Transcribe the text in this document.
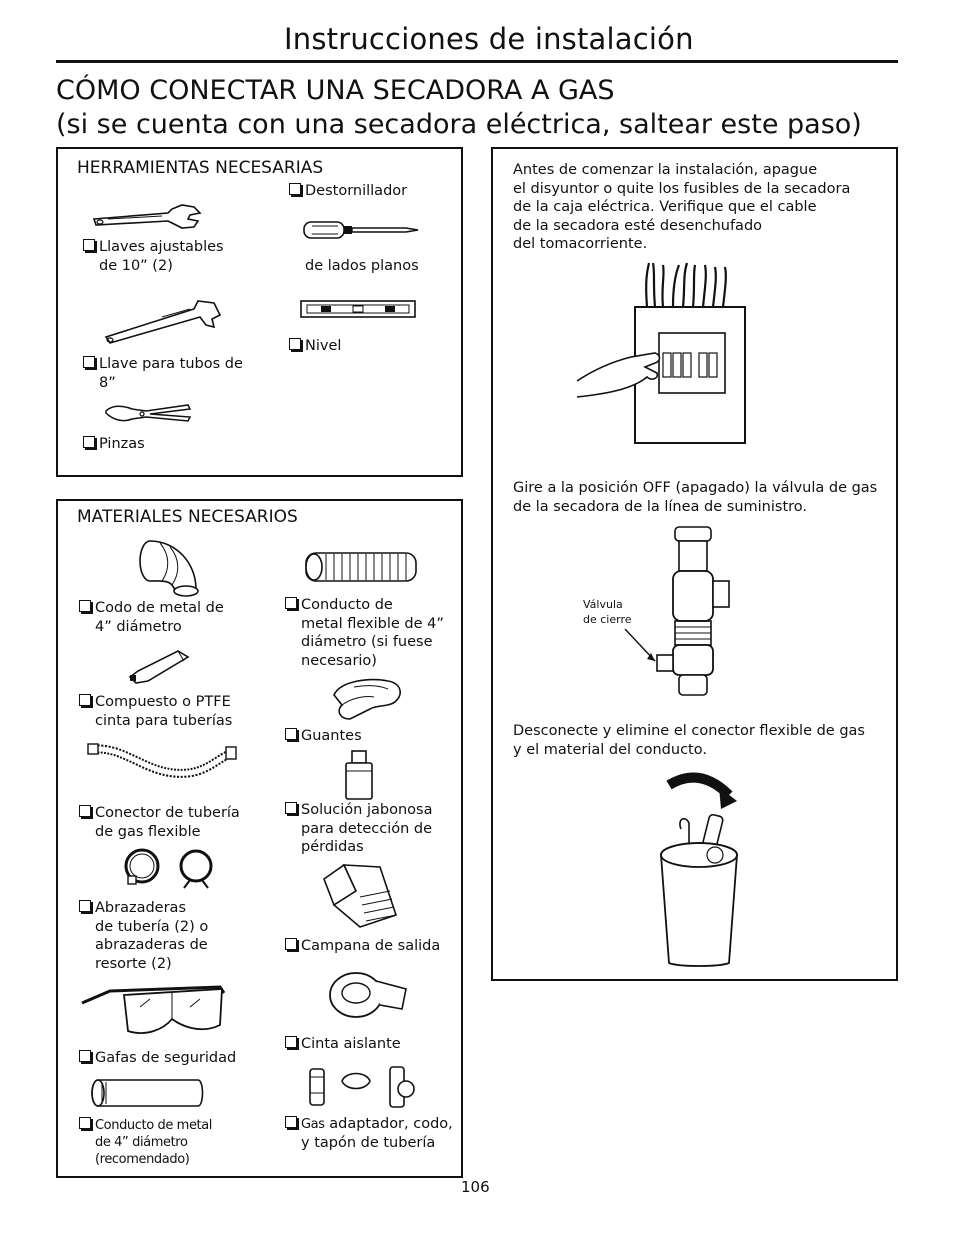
Instrucciones de instalación
CÓMO CONECTAR UNA SECADORA A GAS
(si se cuenta con una secadora eléctrica, saltear este paso)
HERRAMIENTAS NECESARIAS
Llaves ajustables
de 10” (2)
Llave para tubos de
8”
Pinzas
Destornillador
de lados planos
Nivel
MATERIALES NECESARIOS
Codo de metal de
4” diámetro
Compuesto o PTFE
cinta para tuberías
Conector de tubería
de gas flexible
Abrazaderas
de tubería (2) o
abrazaderas de
resorte (2)
Gafas de seguridad
Conducto de metal
de 4” diámetro
(recomendado)
Conducto de
metal flexible de 4”
diámetro (si fuese
necesario)
Guantes
Solución jabonosa
para detección de
pérdidas
Campana de salida
Cinta aislante
Gas adaptador, codo,
y tapón de tubería
Antes de comenzar la instalación, apague
el disyuntor o quite los fusibles de la secadora
de la caja eléctrica. Verifique que el cable
de la secadora esté desenchufado
del tomacorriente.
Gire a la posición OFF (apagado) la válvula de gas
de la secadora de la línea de suministro.
Válvula
de cierre
Desconecte y elimine el conector flexible de gas
y el material del conducto.
106
